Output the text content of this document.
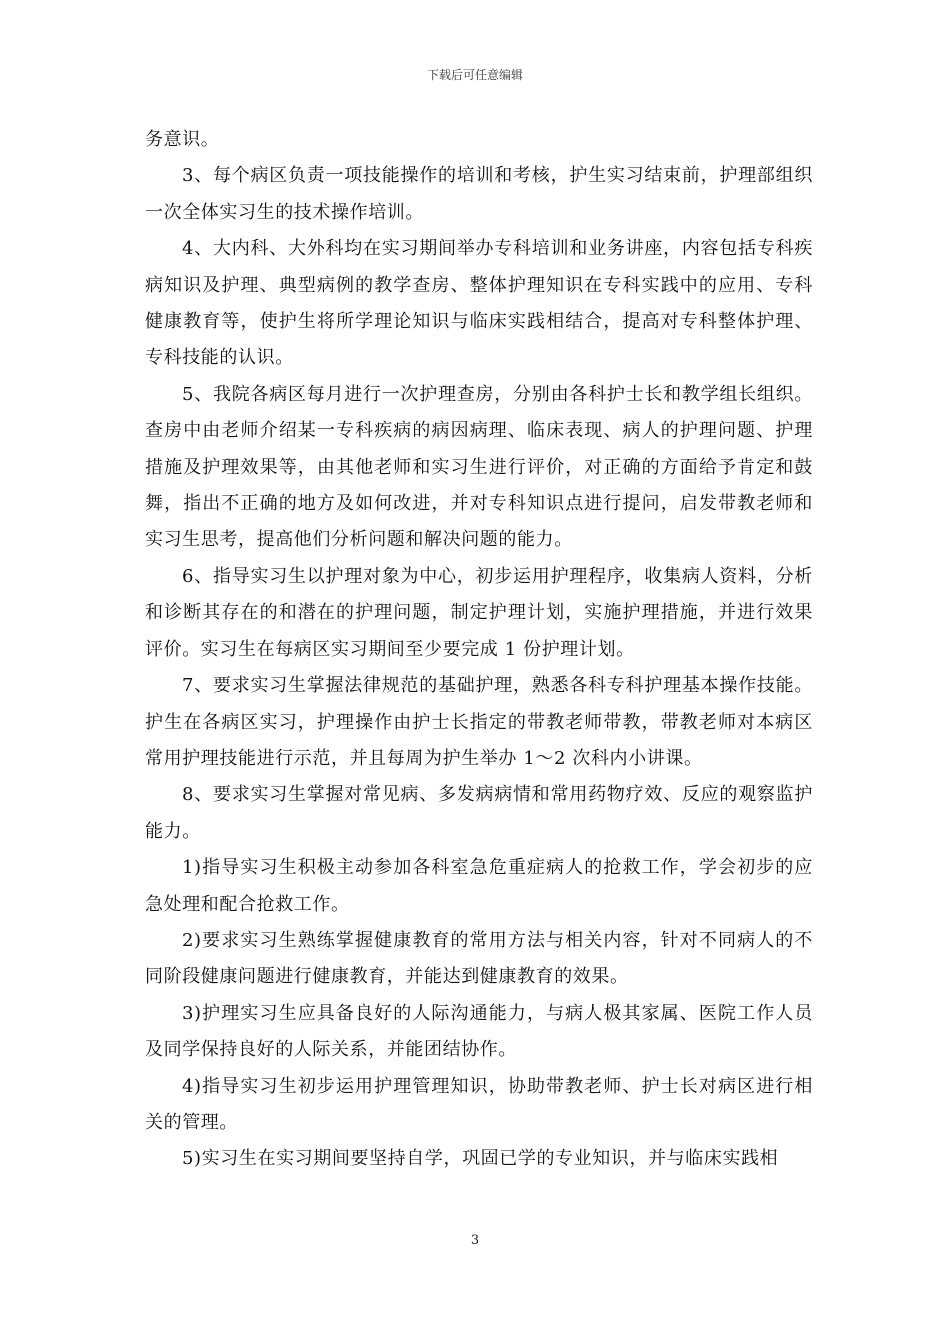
下载后可任意编辑

务意识。

3、每个病区负责一项技能操作的培训和考核，护生实习结束前，护理部组织一次全体实习生的技术操作培训。

4、大内科、大外科均在实习期间举办专科培训和业务讲座，内容包括专科疾病知识及护理、典型病例的教学查房、整体护理知识在专科实践中的应用、专科健康教育等，使护生将所学理论知识与临床实践相结合，提高对专科整体护理、专科技能的认识。

5、我院各病区每月进行一次护理查房，分别由各科护士长和教学组长组织。查房中由老师介绍某一专科疾病的病因病理、临床表现、病人的护理问题、护理措施及护理效果等，由其他老师和实习生进行评价，对正确的方面给予肯定和鼓舞，指出不正确的地方及如何改进，并对专科知识点进行提问，启发带教老师和实习生思考，提高他们分析问题和解决问题的能力。

6、指导实习生以护理对象为中心，初步运用护理程序，收集病人资料，分析和诊断其存在的和潜在的护理问题，制定护理计划，实施护理措施，并进行效果评价。实习生在每病区实习期间至少要完成 1 份护理计划。

7、要求实习生掌握法律规范的基础护理，熟悉各科专科护理基本操作技能。护生在各病区实习，护理操作由护士长指定的带教老师带教，带教老师对本病区常用护理技能进行示范，并且每周为护生举办 1～2 次科内小讲课。

8、要求实习生掌握对常见病、多发病病情和常用药物疗效、反应的观察监护能力。

1)指导实习生积极主动参加各科室急危重症病人的抢救工作，学会初步的应急处理和配合抢救工作。

2)要求实习生熟练掌握健康教育的常用方法与相关内容，针对不同病人的不同阶段健康问题进行健康教育，并能达到健康教育的效果。

3)护理实习生应具备良好的人际沟通能力，与病人极其家属、医院工作人员及同学保持良好的人际关系，并能团结协作。

4)指导实习生初步运用护理管理知识，协助带教老师、护士长对病区进行相关的管理。

5)实习生在实习期间要坚持自学，巩固已学的专业知识，并与临床实践相

3
